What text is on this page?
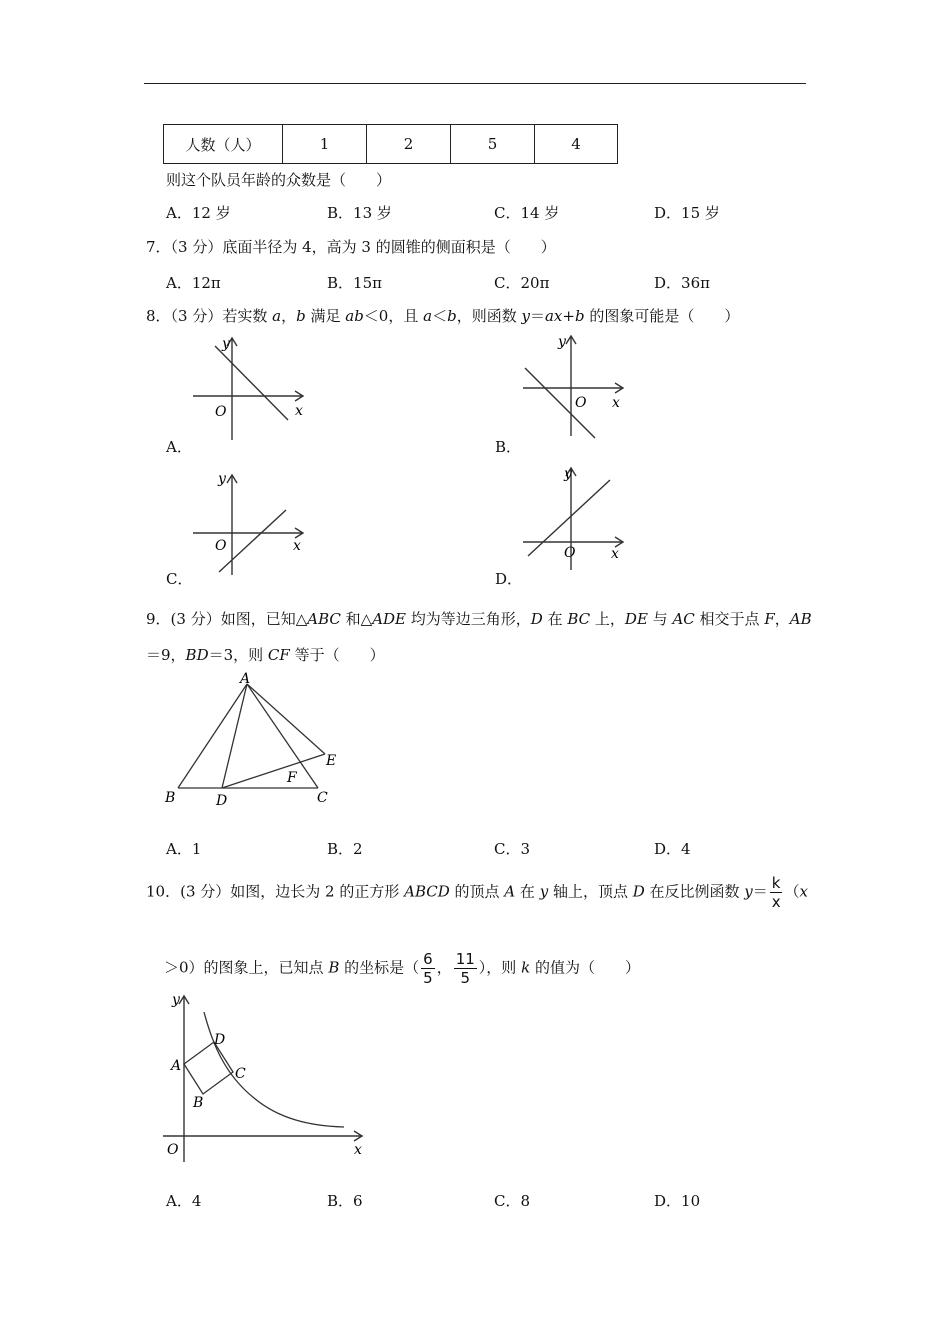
人数（人）	1	2	5	4
则这个队员年龄的众数是（　　）
A．12 岁	B．13 岁	C．14 岁	D．15 岁
7．（3 分）底面半径为 4，高为 3 的圆锥的侧面积是（　　）
A．12π	B．15π	C．20π	D．36π
8．（3 分）若实数 a，b 满足 ab＜0，且 a＜b，则函数 y＝ax+b 的图象可能是（　　）
y
x
O
A．
y
x
O
B．
y
x
O
C．
y
x
O
D．
9．(3 分）如图，已知△ABC 和△ADE 均为等边三角形，D 在 BC 上，DE 与 AC 相交于点 F，AB
＝9，BD＝3，则 CF 等于（　　）
A
B	C
D
E
F
A．1	B．2	C．3	D．4
10．(3 分）如图，边长为 2 的正方形 ABCD 的顶点 A 在 y 轴上，顶点 D 在反比例函数 $y= \frac{k}{x} (x$
＞0）的图象上，已知点 B 的坐标是（ $\frac{6}{5}$ ， $\frac{11}{5}$ ），则 k 的值为（　　）
y
A
D
C
B
O	x
A．4	B．6	C．8	D．10
